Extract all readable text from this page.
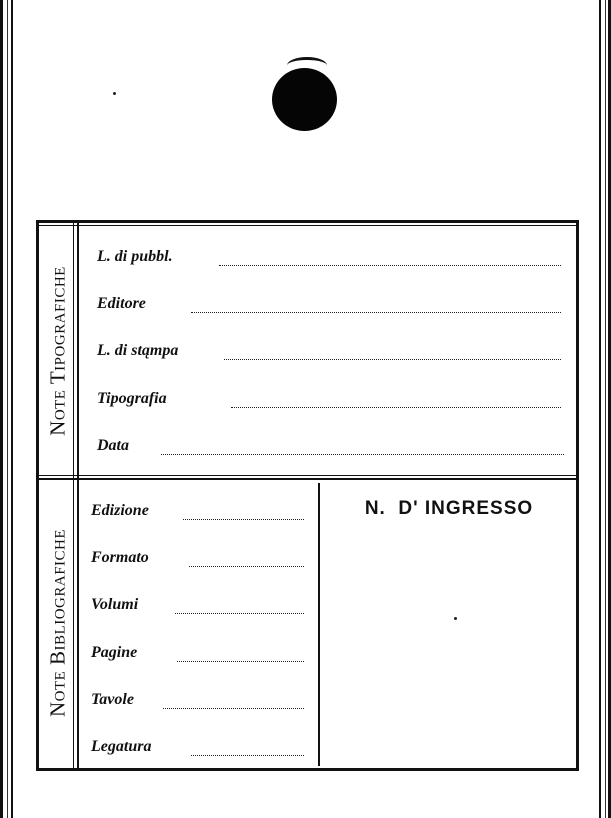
Note Tipografiche
L. di pubbl.
Editore
L. di stąmpa
Tipografia
Data
Note Bibliografiche
Edizione
Formato
Volumi
Pagine
Tavole
Legatura
N.  D' INGRESSO
